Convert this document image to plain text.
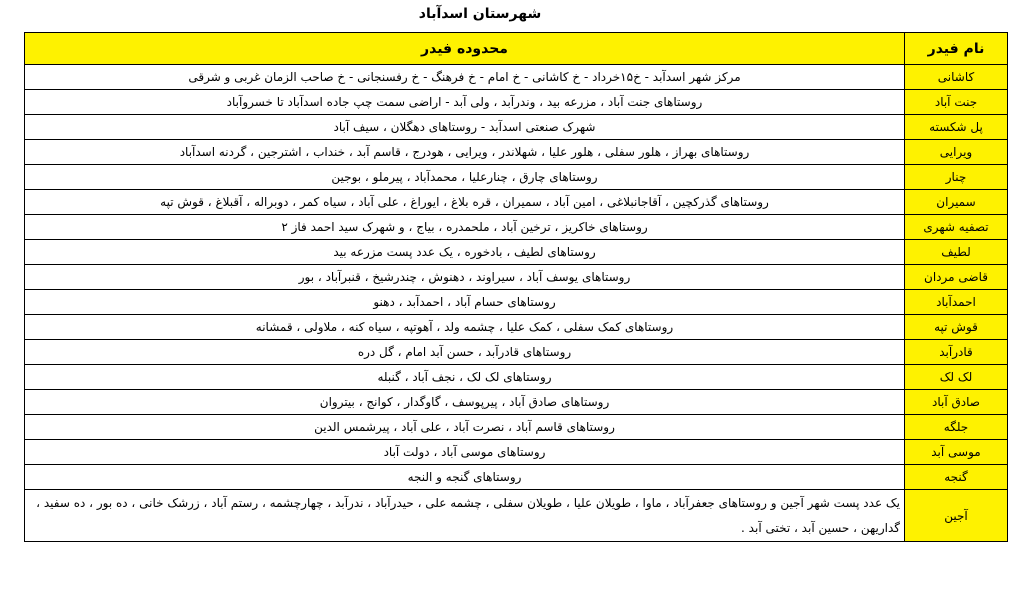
شهرستان اسدآباد
نام فیدر	محدوده فیدر
کاشانی	مرکز شهر اسدآبد - خ۱۵خرداد - خ کاشانی - خ امام - خ فرهنگ - خ رفسنجانی - خ صاحب الزمان غربی و شرقی
جنت آباد	روستاهای جنت آباد ، مزرعه بید ، وندرآبد ، ولی آبد - اراضی سمت چپ جاده اسدآباد تا خسروآباد
پل شکسته	شهرک صنعتی اسدآبد - روستاهای دهگلان ، سیف آباد
ویرایی	روستاهای بهراز ، هلور سفلی ، هلور علیا ، شهلاندر ، ویرایی ، هودرج ، قاسم آبد ، خنداب ، اشترجین ، گردنه اسدآباد
چنار	روستاهای چارق ، چنارعلیا ، محمدآباد ، پیرملو ، بوجین
سمیران	روستاهای گذرکچین ، آقاجانبلاغی ، امین آباد ، سمیران ، قره بلاغ ، ایوراغ ، علی آباد ، سیاه کمر ، دوبراله ، آقبلاغ ، قوش تپه
تصفیه شهری	روستاهای خاکریز ، ترخین آباد ، ملحمدره ، بیاج ، و شهرک سید احمد فاز ۲
لطیف	روستاهای لطیف ، بادخوره ، یک عدد پست مزرعه بید
قاضی مردان	روستاهای یوسف آباد ، سیراوند ، دهنوش ، چندرشیخ ، قنبرآباد ، بور
احمدآباد	روستاهای حسام آباد ، احمدآبد ، دهنو
قوش تپه	روستاهای کمک سفلی ، کمک علیا ، چشمه ولد ، آهوتپه ، سیاه کنه ، ملاولی ، قمشانه
قادرآبد	روستاهای قادرآبد ، حسن آبد امام ، گل دره
لک لک	روستاهای لک لک ، نجف آباد ، گنبله
صادق آباد	روستاهای صادق آباد ، پیرپوسف ، گاوگدار ، کوانج ، بیتروان
جلگه	روستاهای قاسم آباد ، نصرت آباد ، علی آباد ، پیرشمس الدین
موسی آبد	روستاهای موسی آباد ، دولت آباد
گنجه	روستاهای گنجه و النجه
آجین	یک عدد پست شهر آجین و روستاهای جعفرآباد ، ماوا ، طویلان علیا ، طویلان سفلی ، چشمه علی ، حیدرآباد ، ندرآبد ، چهارچشمه ، رستم آباد ، زرشک خانی ، ده بور ، ده سفید ، گداریهن ، حسین آبد ، تختی آبد .
